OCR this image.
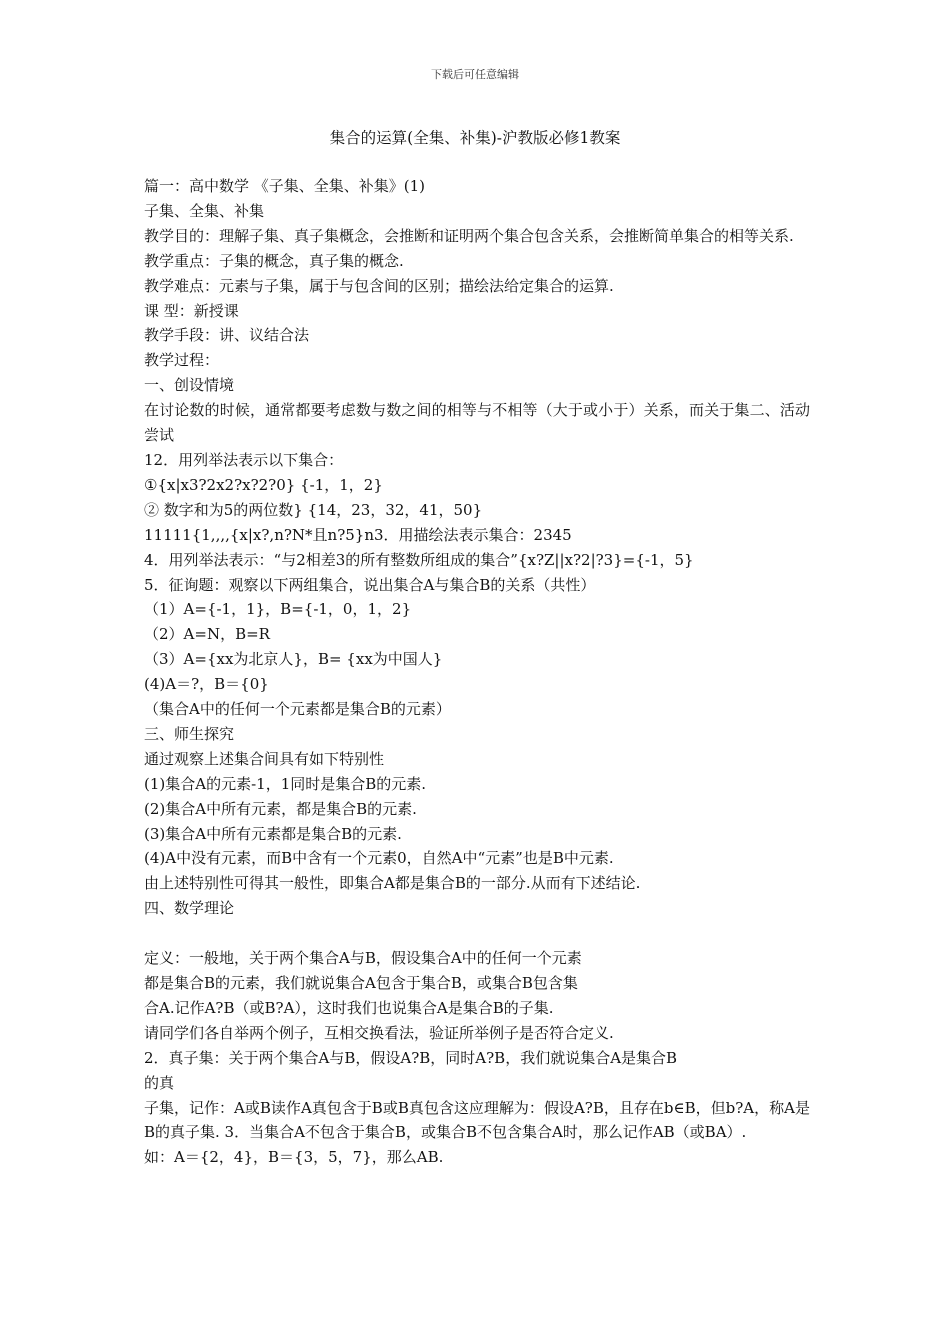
下载后可任意编辑
集合的运算(全集、补集)-沪教版必修1教案
篇一：高中数学 《子集、全集、补集》(1)
子集、全集、补集
教学目的：理解子集、真子集概念，会推断和证明两个集合包含关系，会推断简单集合的相等关系.
教学重点：子集的概念，真子集的概念.
教学难点：元素与子集，属于与包含间的区别；描绘法给定集合的运算.
课 型：新授课
教学手段：讲、议结合法
教学过程：
一、创设情境
在讨论数的时候，通常都要考虑数与数之间的相等与不相等（大于或小于）关系，而关于集二、活动尝试
12．用列举法表示以下集合：
①{x|x3?2x2?x?2?0} {-1，1，2}
② 数字和为5的两位数} {14，23，32，41，50}
11111{1,,,,{x|x?,n?N*且n?5}n3．用描绘法表示集合：2345
4．用列举法表示：“与2相差3的所有整数所组成的集合”{x?Z||x?2|?3}={-1，5}
5．征询题：观察以下两组集合，说出集合A与集合B的关系（共性）
（1）A={-1，1}，B={-1，0，1，2}
（2）A=N，B=R
（3）A={xx为北京人}，B= {xx为中国人}
(4)A＝?，B＝{0}
（集合A中的任何一个元素都是集合B的元素）
三、师生探究
通过观察上述集合间具有如下特别性
(1)集合A的元素-1，1同时是集合B的元素.
(2)集合A中所有元素，都是集合B的元素.
(3)集合A中所有元素都是集合B的元素.
(4)A中没有元素，而B中含有一个元素0，自然A中“元素”也是B中元素.
由上述特别性可得其一般性，即集合A都是集合B的一部分.从而有下述结论.
四、数学理论
定义：一般地，关于两个集合A与B，假设集合A中的任何一个元素
都是集合B的元素，我们就说集合A包含于集合B，或集合B包含集
合A.记作A?B（或B?A），这时我们也说集合A是集合B的子集.
请同学们各自举两个例子，互相交换看法，验证所举例子是否符合定义.
2．真子集：关于两个集合A与B，假设A?B，同时A?B，我们就说集合A是集合B
的真
子集，记作：A或B读作A真包含于B或B真包含这应理解为：假设A?B，且存在b∈B，但b?A，称A是B的真子集. 3．当集合A不包含于集合B，或集合B不包含集合A时，那么记作AB（或BA）.
如：A＝{2，4}，B＝{3，5，7}，那么AB.
